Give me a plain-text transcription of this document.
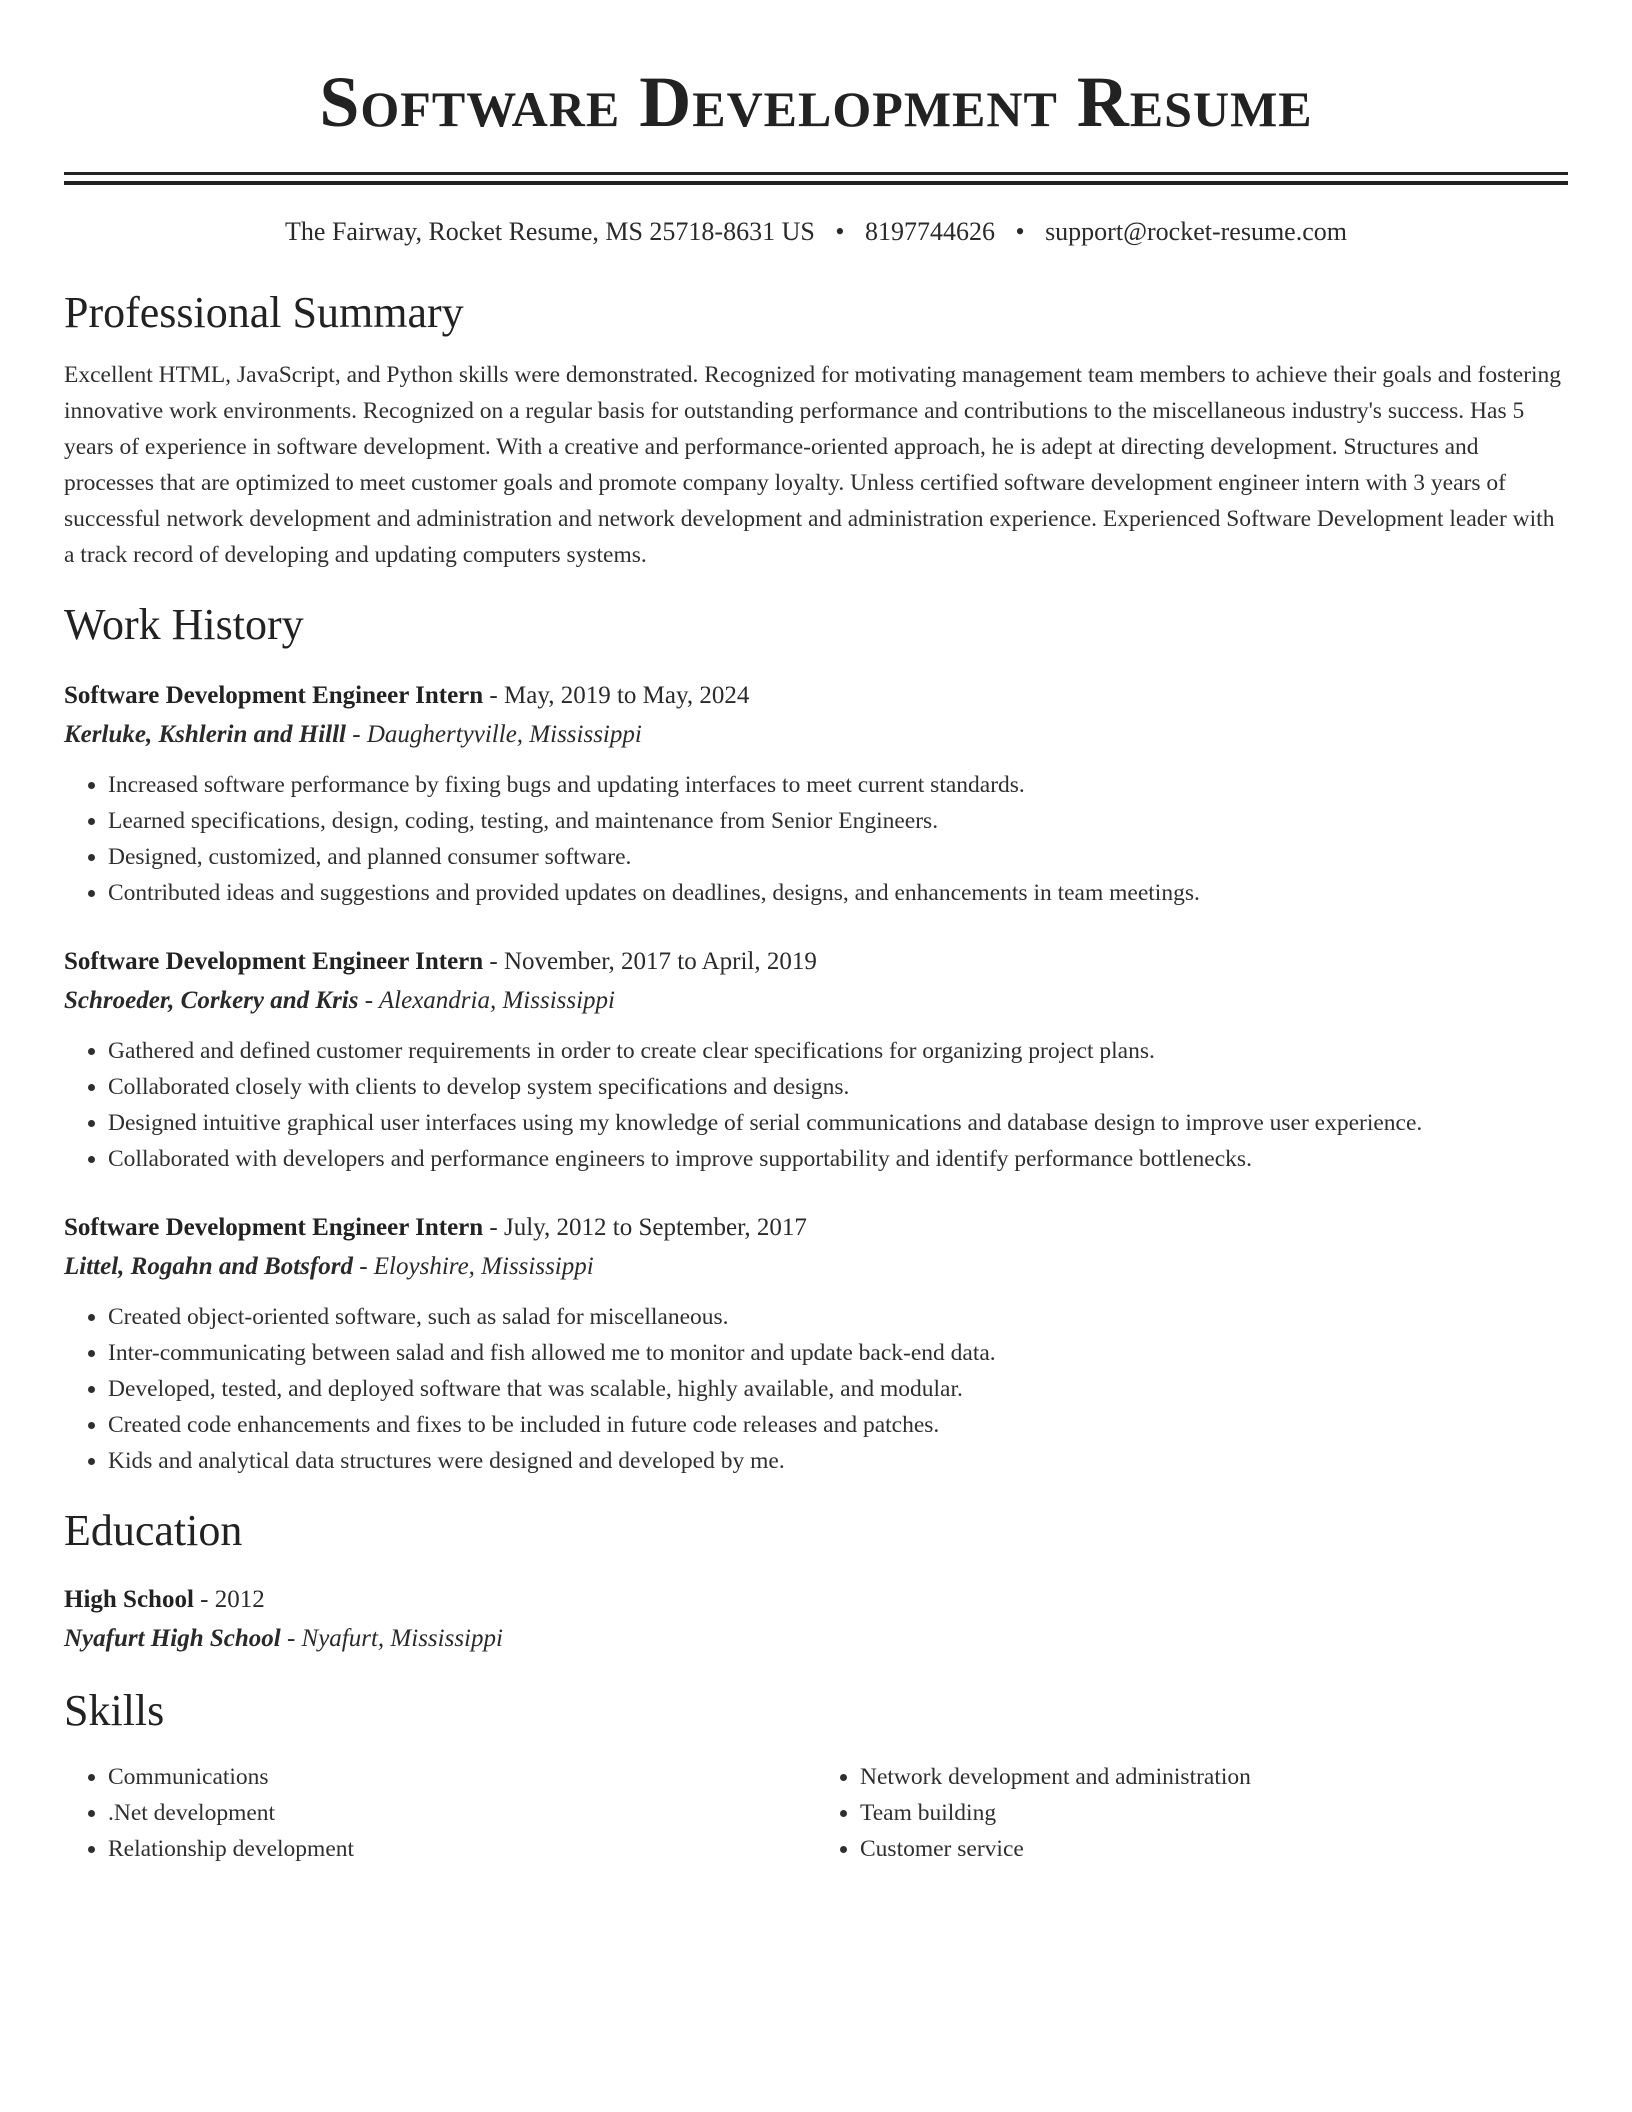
Software Development Resume
The Fairway, Rocket Resume, MS 25718-8631 US • 8197744626 • support@rocket-resume.com
Professional Summary

Excellent HTML, JavaScript, and Python skills were demonstrated. Recognized for motivating management team members to achieve their goals and fostering innovative work environments. Recognized on a regular basis for outstanding performance and contributions to the miscellaneous industry's success. Has 5 years of experience in software development. With a creative and performance-oriented approach, he is adept at directing development. Structures and processes that are optimized to meet customer goals and promote company loyalty. Unless certified software development engineer intern with 3 years of successful network development and administration and network development and administration experience. Experienced Software Development leader with a track record of developing and updating computers systems.

Work History
Software Development Engineer Intern - May, 2019 to May, 2024
Kerluke, Kshlerin and Hilll - Daughertyville, Mississippi
• Increased software performance by fixing bugs and updating interfaces to meet current standards.
• Learned specifications, design, coding, testing, and maintenance from Senior Engineers.
• Designed, customized, and planned consumer software.
• Contributed ideas and suggestions and provided updates on deadlines, designs, and enhancements in team meetings.
Software Development Engineer Intern - November, 2017 to April, 2019
Schroeder, Corkery and Kris - Alexandria, Mississippi
• Gathered and defined customer requirements in order to create clear specifications for organizing project plans.
• Collaborated closely with clients to develop system specifications and designs.
• Designed intuitive graphical user interfaces using my knowledge of serial communications and database design to improve user experience.
• Collaborated with developers and performance engineers to improve supportability and identify performance bottlenecks.
Software Development Engineer Intern - July, 2012 to September, 2017
Littel, Rogahn and Botsford - Eloyshire, Mississippi
• Created object-oriented software, such as salad for miscellaneous.
• Inter-communicating between salad and fish allowed me to monitor and update back-end data.
• Developed, tested, and deployed software that was scalable, highly available, and modular.
• Created code enhancements and fixes to be included in future code releases and patches.
• Kids and analytical data structures were designed and developed by me.
Education
High School - 2012
Nyafurt High School - Nyafurt, Mississippi
Skills
• Communications
• .Net development
• Relationship development
• Network development and administration
• Team building
• Customer service
